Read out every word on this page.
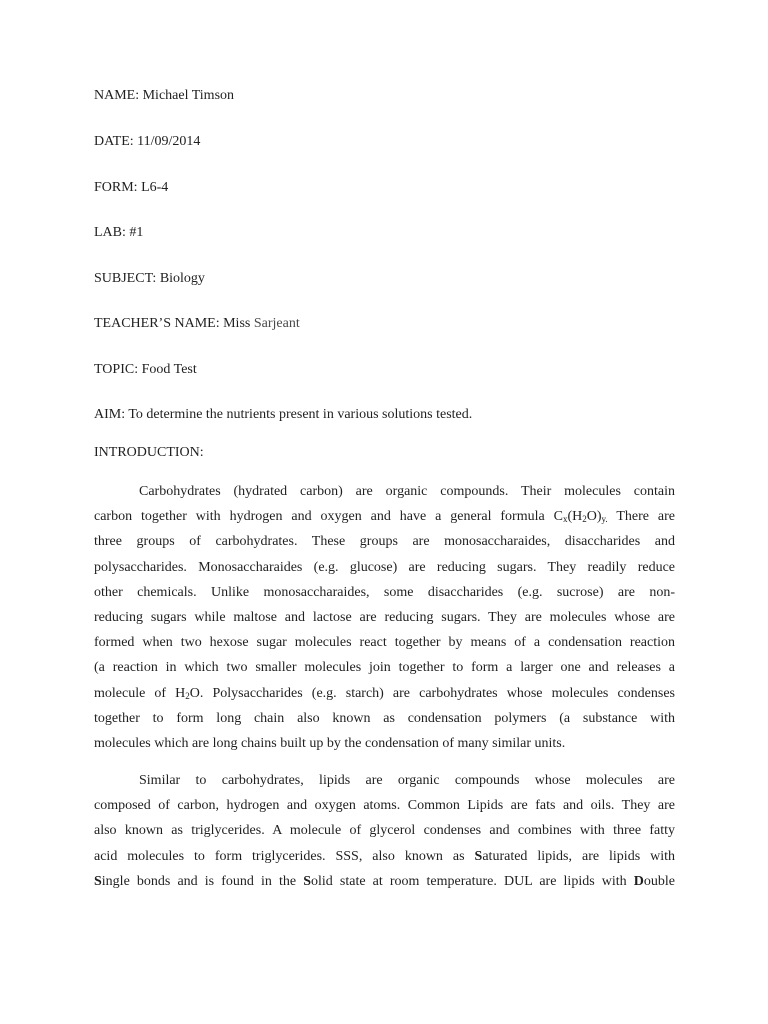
NAME: Michael Timson
DATE: 11/09/2014
FORM: L6-4
LAB: #1
SUBJECT: Biology
TEACHER’S NAME: Miss Sarjeant
TOPIC: Food Test
AIM: To determine the nutrients present in various solutions tested.
INTRODUCTION:
Carbohydrates (hydrated carbon) are organic compounds. Their molecules contain
carbon together with hydrogen and oxygen and have a general formula $C_x(H_2O)_{y.}$ There are
three groups of carbohydrates. These groups are monosaccharaides, disaccharides and
polysaccharides. Monosaccharaides (e.g. glucose) are reducing sugars. They readily reduce
other chemicals. Unlike monosaccharaides, some disaccharides (e.g. sucrose) are non-
reducing sugars while maltose and lactose are reducing sugars. They are molecules whose are
formed when two hexose sugar molecules react together by means of a condensation reaction
(a reaction in which two smaller molecules join together to form a larger one and releases a
molecule of $H_2O$. Polysaccharides (e.g. starch) are carbohydrates whose molecules condenses
together to form long chain also known as condensation polymers (a substance with
molecules which are long chains built up by the condensation of many similar units.
Similar to carbohydrates, lipids are organic compounds whose molecules are
composed of carbon, hydrogen and oxygen atoms. Common Lipids are fats and oils. They are
also known as triglycerides. A molecule of glycerol condenses and combines with three fatty
acid molecules to form triglycerides. SSS, also known as Saturated lipids, are lipids with
Single bonds and is found in the Solid state at room temperature. DUL are lipids with Double
